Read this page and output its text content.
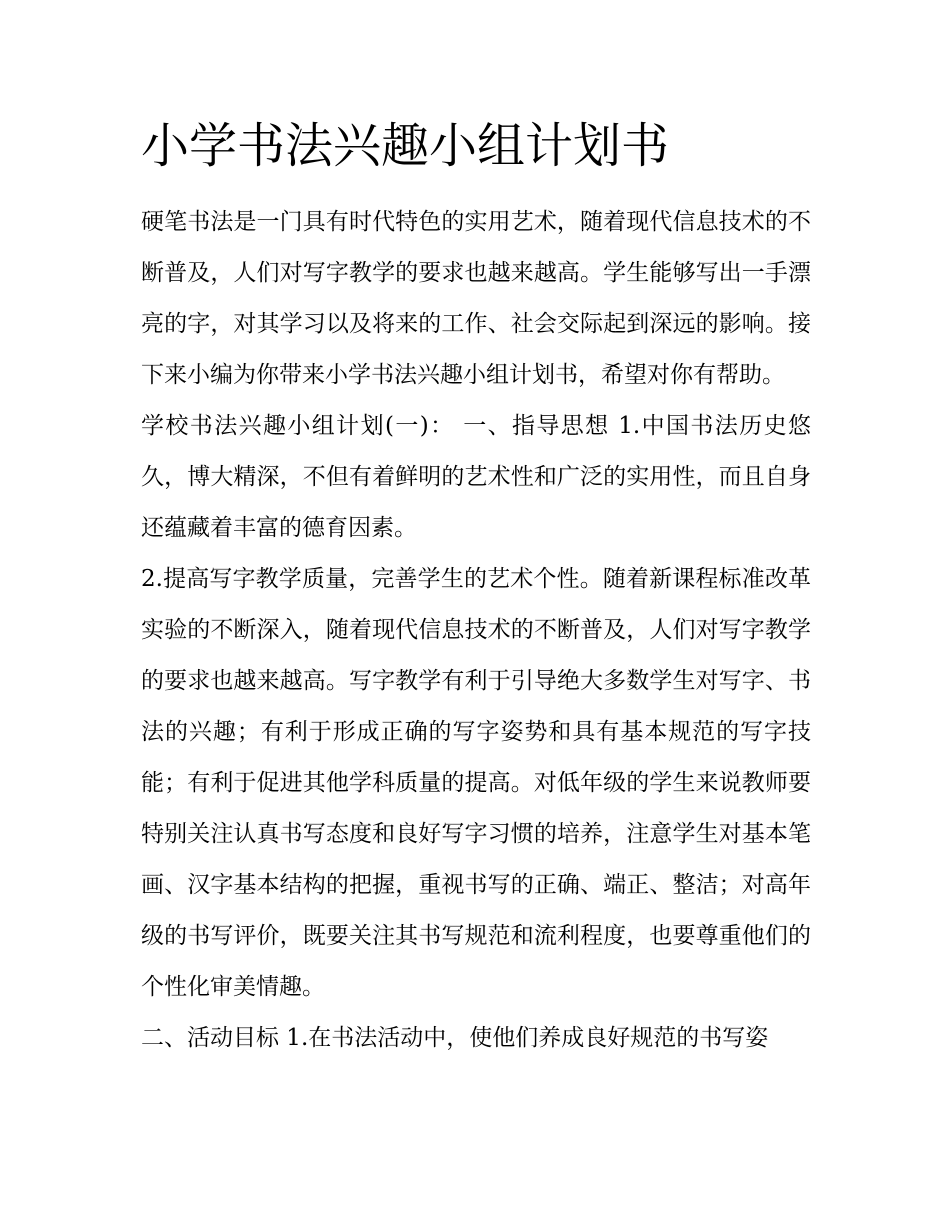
小学书法兴趣小组计划书

硬笔书法是一门具有时代特色的实用艺术，随着现代信息技术的不断普及，人们对写字教学的要求也越来越高。学生能够写出一手漂亮的字，对其学习以及将来的工作、社会交际起到深远的影响。接下来小编为你带来小学书法兴趣小组计划书，希望对你有帮助。

学校书法兴趣小组计划(一)： 一、指导思想 1.中国书法历史悠久，博大精深，不但有着鲜明的艺术性和广泛的实用性，而且自身还蕴藏着丰富的德育因素。

2.提高写字教学质量，完善学生的艺术个性。随着新课程标准改革实验的不断深入，随着现代信息技术的不断普及，人们对写字教学的要求也越来越高。写字教学有利于引导绝大多数学生对写字、书法的兴趣；有利于形成正确的写字姿势和具有基本规范的写字技能；有利于促进其他学科质量的提高。对低年级的学生来说教师要特别关注认真书写态度和良好写字习惯的培养，注意学生对基本笔画、汉字基本结构的把握，重视书写的正确、端正、整洁；对高年级的书写评价，既要关注其书写规范和流利程度，也要尊重他们的个性化审美情趣。

二、活动目标 1.在书法活动中，使他们养成良好规范的书写姿
